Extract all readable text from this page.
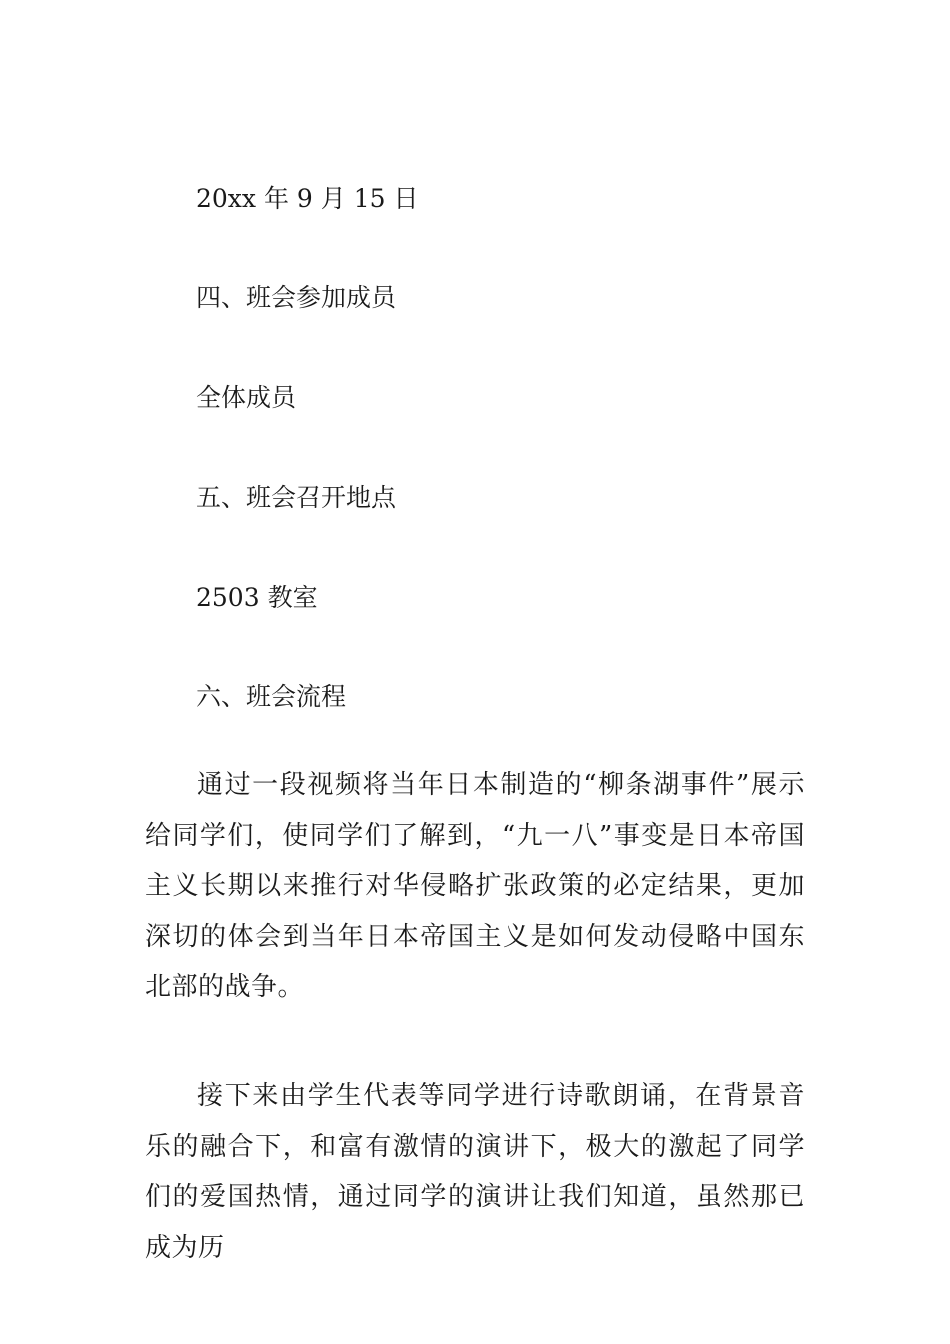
20xx 年 9 月 15 日
四、班会参加成员
全体成员
五、班会召开地点
2503 教室
六、班会流程

通过一段视频将当年日本制造的“柳条湖事件”展示给同学们，使同学们了解到，“九一八”事变是日本帝国主义长期以来推行对华侵略扩张政策的必定结果，更加深切的体会到当年日本帝国主义是如何发动侵略中国东北部的战争。

接下来由学生代表等同学进行诗歌朗诵，在背景音乐的融合下，和富有激情的演讲下，极大的激起了同学们的爱国热情，通过同学的演讲让我们知道，虽然那已成为历
